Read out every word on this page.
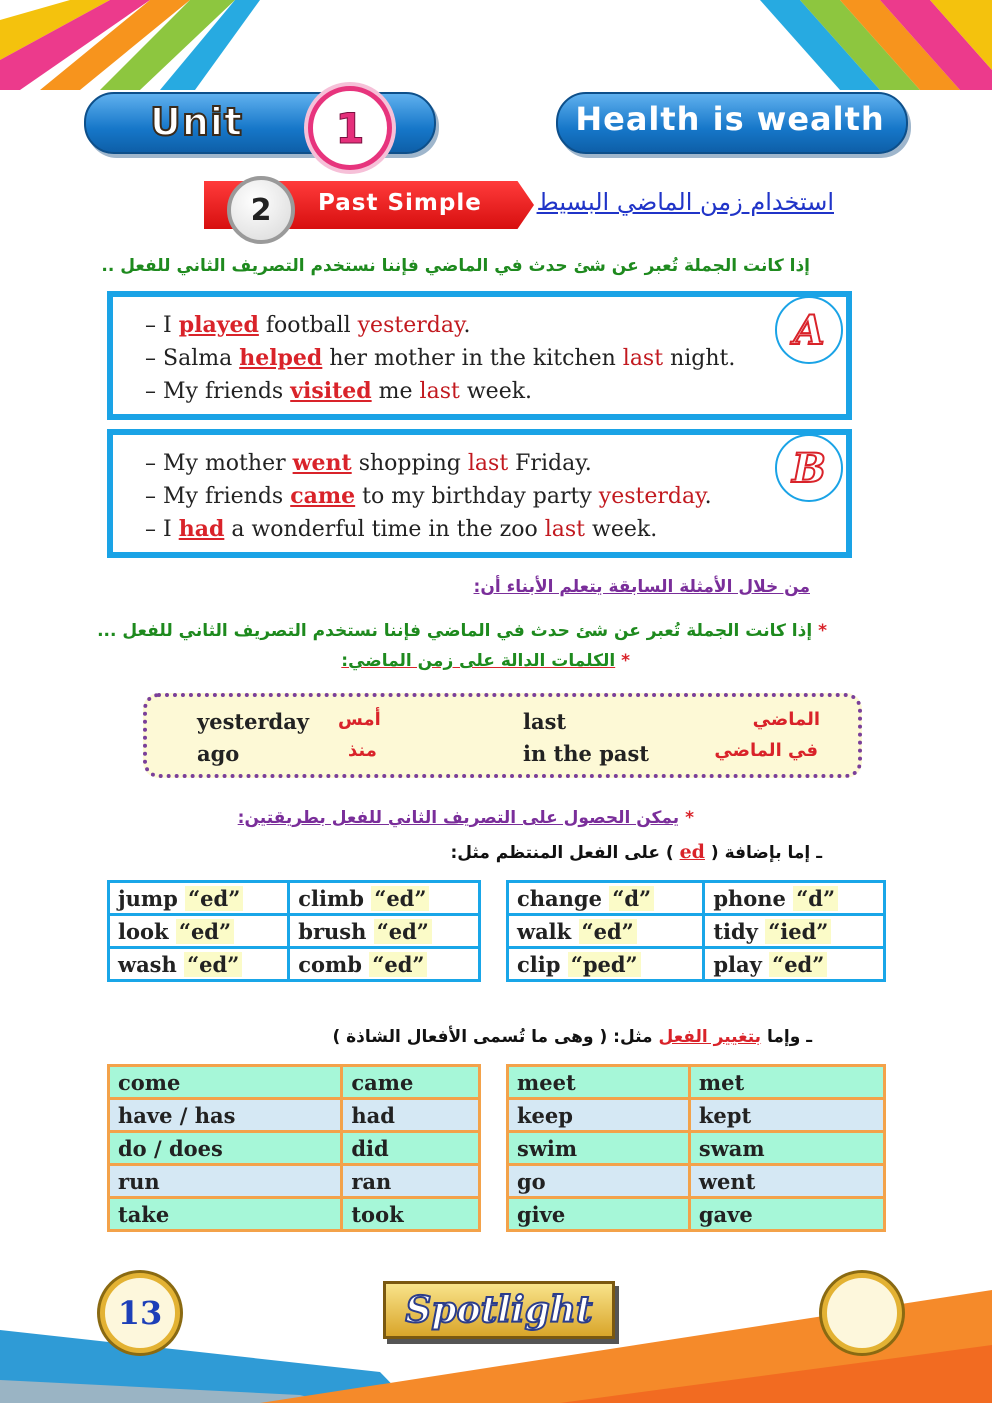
Unit	1	Health is wealth
2	Past Simple استخدام زمن الماضي البسيط
إذا كانت الجملة تُعبر عن شئ حدث في الماضي فإننا نستخدم التصريف الثاني للفعل ..
A
– I played football yesterday.
– Salma helped her mother in the kitchen last night.
– My friends visited me last week.
B
– My mother went shopping last Friday.
– My friends came to my birthday party yesterday.
– I had a wonderful time in the zoo last week.
من خلال الأمثلة السابقة يتعلم الأبناء أن:
* إذا كانت الجملة تُعبر عن شئ حدث في الماضي فإننا نستخدم التصريف الثاني للفعل ...
* الكلمات الدالة على زمن الماضي:
yesterday أمس
ago	منذ
last	الماضي
in the past	في الماضي
* يمكن الحصول على التصريف الثاني للفعل بطريقتين:
ـ إما بإضافة ( ed ) على الفعل المنتظم مثل:
jump “ed”	climb “ed”
look “ed”	brush “ed”
wash “ed”	comb “ed”
change “d”	phone “d”
walk “ed”	tidy “ied”
clip “ped”	play “ed”
ـ وإما بتغيير الفعل مثل: ( وهى ما تُسمى الأفعال الشاذة )
come	came
have / has	had
do / does	did
run	ran
take	took
meet	met
keep	kept
swim	swam
go	went
give	gave
13	Spotlight
